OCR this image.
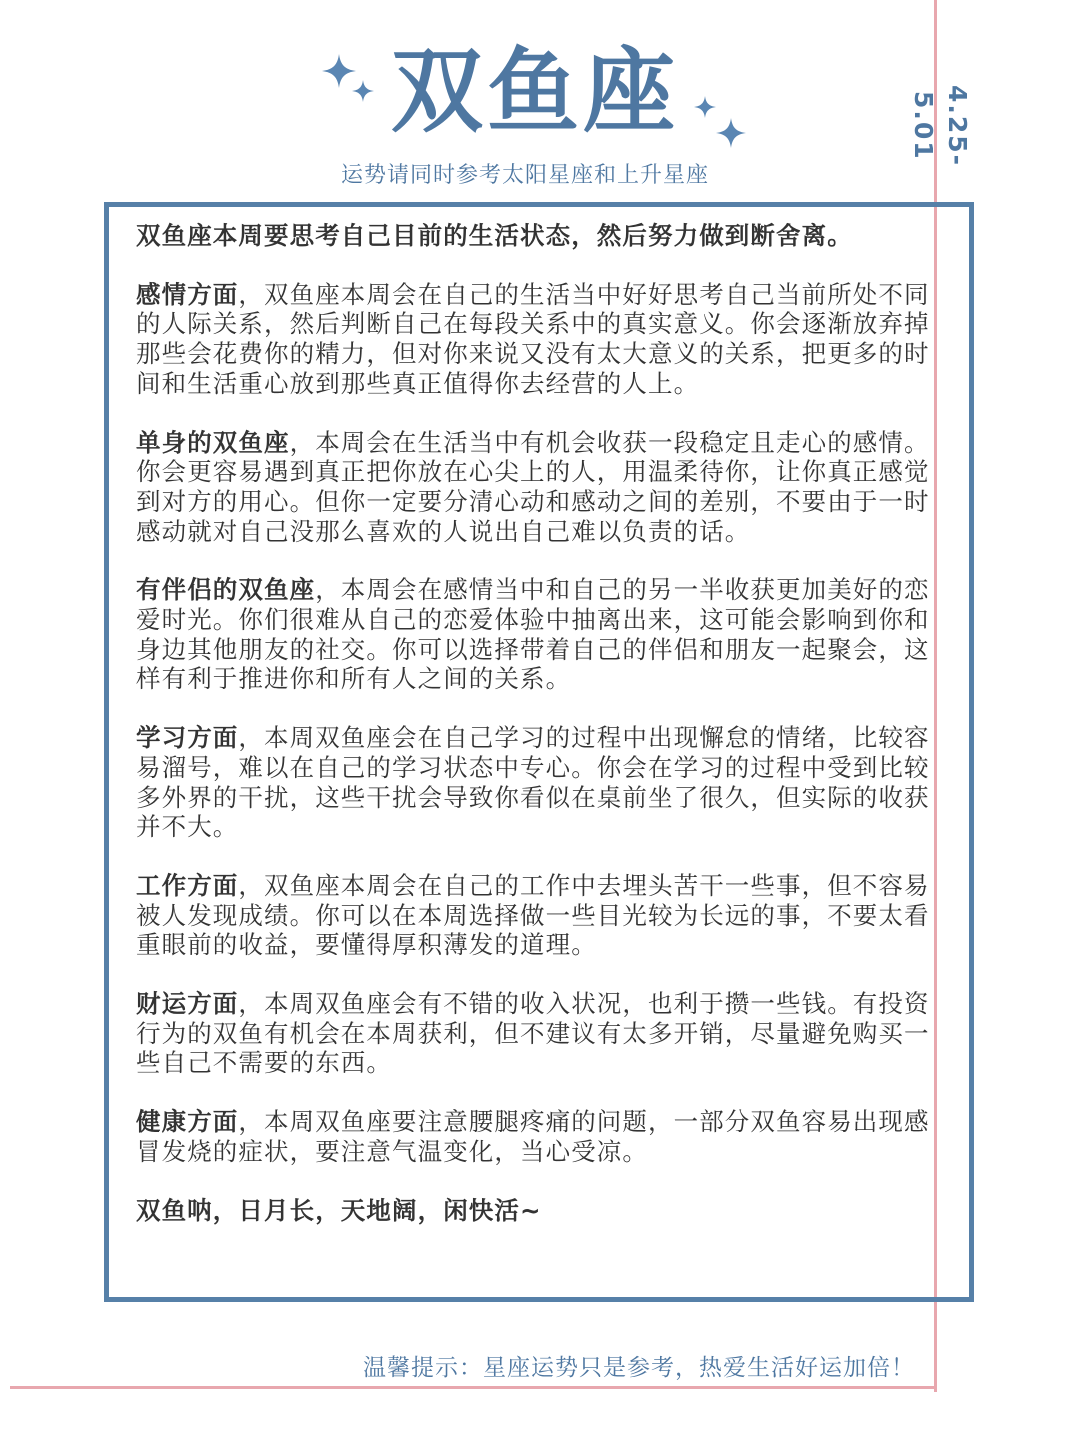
双鱼座
运势请同时参考太阳星座和上升星座
4.25-5.01

双鱼座本周要思考自己目前的生活状态，然后努力做到断舍离。

感情方面，双鱼座本周会在自己的生活当中好好思考自己当前所处不同的人际关系，然后判断自己在每段关系中的真实意义。你会逐渐放弃掉那些会花费你的精力，但对你来说又没有太大意义的关系，把更多的时间和生活重心放到那些真正值得你去经营的人上。

单身的双鱼座，本周会在生活当中有机会收获一段稳定且走心的感情。你会更容易遇到真正把你放在心尖上的人，用温柔待你，让你真正感觉到对方的用心。但你一定要分清心动和感动之间的差别，不要由于一时感动就对自己没那么喜欢的人说出自己难以负责的话。

有伴侣的双鱼座，本周会在感情当中和自己的另一半收获更加美好的恋爱时光。你们很难从自己的恋爱体验中抽离出来，这可能会影响到你和身边其他朋友的社交。你可以选择带着自己的伴侣和朋友一起聚会，这样有利于推进你和所有人之间的关系。

学习方面，本周双鱼座会在自己学习的过程中出现懈怠的情绪，比较容易溜号，难以在自己的学习状态中专心。你会在学习的过程中受到比较多外界的干扰，这些干扰会导致你看似在桌前坐了很久，但实际的收获并不大。

工作方面，双鱼座本周会在自己的工作中去埋头苦干一些事，但不容易被人发现成绩。你可以在本周选择做一些目光较为长远的事，不要太看重眼前的收益，要懂得厚积薄发的道理。

财运方面，本周双鱼座会有不错的收入状况，也利于攒一些钱。有投资行为的双鱼有机会在本周获利，但不建议有太多开销，尽量避免购买一些自己不需要的东西。

健康方面，本周双鱼座要注意腰腿疼痛的问题，一部分双鱼容易出现感冒发烧的症状，要注意气温变化，当心受凉。

双鱼呐，日月长，天地阔，闲快活~

温馨提示：星座运势只是参考，热爱生活好运加倍！
